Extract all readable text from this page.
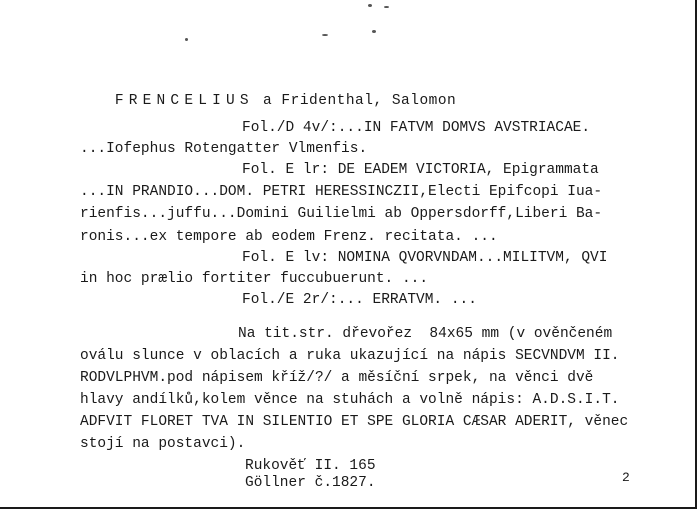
FRENCELIUS a Fridenthal, Salomon

Fol./D 4v/:...IN FATVM DOMVS AVSTRIACAE.
...Iofephus Rotengatter Vlmenfis.
Fol. E lr: DE EADEM VICTORIA, Epigrammata
...IN PRANDIO...DOM. PETRI HERESSINCZII,Electi Epifcopi Iua-
rienfis...juffu...Domini Guilielmi ab Oppersdorff,Liberi Ba-
ronis...ex tempore ab eodem Frenz. recitata. ...
Fol. E lv: NOMINA QVORVNDAM...MILITVM, QVI
in hoc prælio fortiter fuccubuerunt. ...
Fol./E 2r/:... ERRATVM. ...
Na tit.str. dřevořez  84x65 mm (v ověnčeném
oválu slunce v oblacích a ruka ukazující na nápis SECVNDVM II.
RODVLPHVM.pod nápisem kříž/?/ a měsíční srpek, na věnci dvě
hlavy andílků,kolem věnce na stuhách a volně nápis: A.D.S.I.T.
ADFVIT FLORET TVA IN SILENTIO ET SPE GLORIA CÆSAR ADERIT, věnec
stojí na postavci).
Rukověť II. 165
Göllner č.1827.	2
